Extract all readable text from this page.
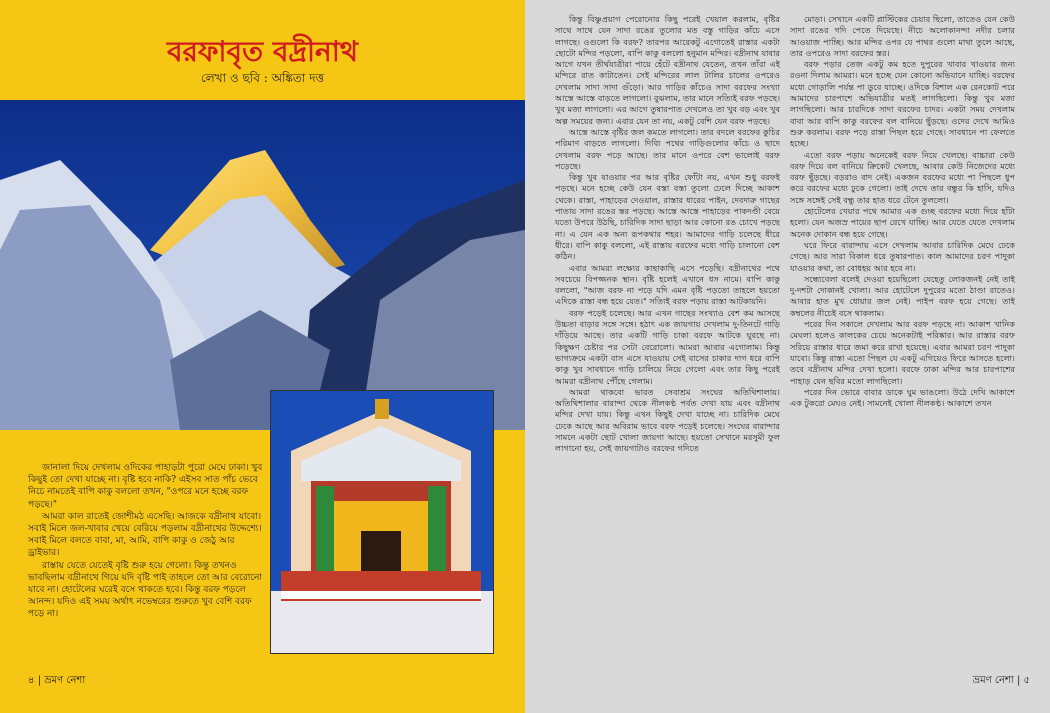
বরফাবৃত বদ্রীনাথ
লেখা ও ছবি : অঙ্কিতা দত্ত

জানালা দিয়ে দেখলাম ওদিকের পাহাড়টা পুরো মেঘে ঢাকা। খুব কিছুই তো দেখা যাচ্ছে না। বৃষ্টি হবে নাকি? এইসব সাত পাঁচ ভেবে নিচে নামতেই বাপি কাকু বললো তখন, "ওপরে মনে হচ্ছে বরফ পড়ছে।"

আমরা কাল রাতেই জোশীমঠ এসেছি। আজকে বদ্রীনাথ যাবো। সবাই মিলে জল-খাবার খেয়ে বেরিয়ে পড়লাম বদ্রীনাথের উদ্দেশ্যে। সবাই মিলে বলতে বাবা, মা, আমি, বাপি কাকু ও জেঠু আর ড্রাইভার।

রাস্তায় যেতে যেতেই বৃষ্টি শুরু হয়ে গেলো। কিন্তু তখনও ভাবছিলাম বদ্রীনাথে গিয়ে যদি বৃষ্টি পাই তাহলে তো আর বেরোনো যাবে না। হোটেলের ঘরেই বসে থাকতে হবে। কিন্তু বরফ পড়লে আনন্দ। যদিও এই সময় অর্থাৎ নভেম্বরের শুরুতে খুব বেশি বরফ পড়ে না।

৪ | ভ্রমণ নেশা

কিন্তু বিষ্ণুপ্রয়াগ পেরোনোর কিছু পরেই খেয়াল করলাম, বৃষ্টির সাথে সাথে যেন সাদা রঙের তুলোর মত বস্তু গাড়ির কাঁচে এসে লাগছে। ওগুলো কি বরফ? তারপর আরেকটু এগোতেই রাস্তার একটা ছোটো মন্দির পড়লো, বাপি কাকু বললো হনুমান মন্দির। বদ্রীনাথ যাবার আগে যখন তীর্থযাত্রীরা পায়ে হেঁটে বদ্রীনাথ যেতেন, তখন তাঁরা এই মন্দিরে রাত কাটাতেন। সেই মন্দিরের লাল টালির চালের ওপরেও দেখলাম সাদা সাদা গুঁড়ো। আর গাড়ির কাঁচেও সাদা বরফের সংখ্যা আস্তে আস্তে বাড়তে লাগলো। বুঝলাম, তার মানে সত্যিই বরফ পড়ছে। খুব মজা লাগলো। এর আগে তুষারপাত দেখলেও তা খুব বড় এবং খুব অল্প সময়ের জন্য। এবার যেন তা নয়, একটু বেশি যেন বরফ পড়ছে।

আস্তে আস্তে বৃষ্টির জল কমতে লাগলো। তার বদলে বরফের কুচির পরিমাণ বাড়তে লাগলো। দিব্যি পথের গাড়িগুলোর কাঁচে ও ছাদে দেখলাম বরফ পড়ে আছে। তার মানে ওপরে বেশ ভালোই বরফ পড়েছে।

কিন্তু খুব যাওয়ার পর আর বৃষ্টির ফোঁটা নয়, এখন শুধু বরফই পড়ছে। মনে হচ্ছে কেউ যেন বস্তা বস্তা তুলো ঢেলে দিচ্ছে আকাশ থেকে। রাস্তা, পাহাড়ের দেওয়াল, রাস্তার ধারের পাইন, দেবদারু গাছের পাতায় সাদা রঙের স্তর পড়ছে। আস্তে আস্তে পাহাড়ের পাকদণ্ডী বেয়ে যতো উপরে উঠছি, চারিদিক সাদা ছাড়া আর কোনো রঙ চোখে পড়ছে না। এ যেন এক অন্য রূপকথার শহর। আমাদের গাড়ি চলেছে ধীরে ধীরে। বাপি কাকু বললো, এই রাস্তায় বরফের মধ্যে গাড়ি চালানো বেশ কঠিন।

এবার আমরা লক্ষ্যের কাছাকাছি এসে পড়েছি। বদ্রীনাথের পথে সবচেয়ে বিপজ্জনক স্থান। বৃষ্টি হলেই এখানে ধস নামে। বাপি কাকু বললো, "আজ বরফ না পড়ে যদি এমন বৃষ্টি পড়তো তাহলে হয়তো এদিকে রাস্তা বন্ধ হয়ে যেত।" সত্যিই বরফ পড়ায় রাস্তা আটকায়নি।

বরফ পড়েই চলেছে। আর এখন গাছের সংখ্যাও বেশ কম আসছে উচ্চতা বাড়ার সঙ্গে সঙ্গে। হঠাৎ এক জায়গায় দেখলাম দু-তিনটে গাড়ি দাঁড়িয়ে আছে। তার একটি গাড়ি চাকা বরফে আটকে ঘুরছে না। কিছুক্ষণ চেষ্টার পর সেটা বেরোলো। আমরা আবার এগোলাম। কিন্তু ভাগ্যক্রমে একটা বাস এসে যাওয়ায় সেই বাসের চাকার দাগ ধরে বাপি কাকু খুব সাবধানে গাড়ি চালিয়ে নিয়ে গেলো এবং তার কিছু পরেই আমরা বদ্রীনাথ পৌঁছে গেলাম।

আমরা থাকবো ভারত সেবাশ্রম সংঘের অতিথিশালায়। অতিথিশালার বারান্দা থেকে নীলকণ্ঠ পর্বত দেখা যায় এবং বদ্রীনাথ মন্দির দেখা যায়। কিন্তু এখন কিছুই দেখা যাচ্ছে না। চারিদিক মেঘে ঢেকে আছে আর অবিরাম ভাবে বরফ পড়েই চলেছে। সংঘের বারান্দার সামনে একটা ছোট খোলা জায়গা আছে। হয়তো সেখানে মরসুমী ফুল লাগানো হয়, সেই জায়গাটাও বরফের গদিতে

মোড়া। সেখানে একটি প্লাস্টিকের চেয়ার ছিলো, তাতেও যেন কেউ সাদা রঙের গদি পেতে দিয়েছে। নীচে অলোকানন্দা নদীর চলার আওয়াজ পাচ্ছি। আর মন্দির ওপর যে পাথর গুলো মাথা তুলে আছে, তার ওপরেও সাদা বরফের স্তর।

বরফ পড়ার তেজ একটু কম হতে দুপুরের খাবার খাওয়ার জন্য রওনা দিলাম আমরা। মনে হচ্ছে যেন কোনো অভিযানে যাচ্ছি। বরফের মধ্যে গোড়ালি পর্যন্ত পা ডুবে যাচ্ছে। ওদিকে বিশাল এক রেনকোট পরে আমাদের চারপাশে অভিযাত্রীর মতই লাগছিলো। কিন্তু খুব মজা লাগছিলো। আর চারদিকে সাদা বরফের চাদর। একটা সময় দেখলাম বাবা আর বাপি কাকু বরফের বল বানিয়ে ছুঁড়ছে। ওদের দেখে আমিও শুরু করলাম। বরফ পড়ে রাস্তা পিছল হয়ে গেছে। সাবধানে পা ফেলতে হচ্ছে।

এতো বরফ পড়ায় অনেকেই বরফ নিয়ে খেলছে। বাচ্চারা কেউ বরফ দিয়ে বল বানিয়ে ক্রিকেট খেলছে, আবার কেউ নিজেদের মধ্যে বরফ ছুঁড়ছে। বড়রাও বাদ নেই। একজন বরফের মধ্যে পা পিছলে ধুপ করে বরফের মধ্যে ঢুকে গেলো। তাই দেখে তার বন্ধুর কি হাসি, যদিও সঙ্গে সঙ্গেই সেই বন্ধু তার হাত ধরে টেনে তুললো।

হোটেলের খেয়ার পথে আমার এক গুচ্ছ বরফের মধ্যে দিয়ে হাঁটা হলো। যেন অজস্র পায়ের ছাপ রেখে যাচ্ছি। আর যেতে যেতে দেখলাম অনেক দোকান বন্ধ হয়ে গেছে।

ঘরে ফিরে বারান্দায় এসে দেখলাম আবার চারিদিক মেঘে ঢেকে গেছে। আর সারা বিকাল ধরে তুষারপাত। কাল আমাদের চরণ পাদুকা যাওয়ার কথা, তা বোধহয় আর হবে না।

সন্ধ্যেবেলা বলেই দেওয়া হয়েছিলো যেহেতু লোকজনই নেই তাই দু-দশটা দোকানই খোলা। আর হোটেলে দুপুরের মতো ঠাণ্ডা রাতেও। আবার হাত মুখ ধোয়ার জল নেই। পাইপ বরফ হয়ে গেছে। তাই কম্বলের নীচেই বসে থাকলাম।

পরের দিন সকালে দেখলাম আর বরফ পড়ছে না। আকাশ খানিক মেঘলা হলেও কালকের চেয়ে অনেকটাই পরিষ্কার। আর রাস্তার বরফ সরিয়ে রাস্তার ধারে জমা করে রাখা হয়েছে। এবার আমরা চরণ পাদুকা যাবো। কিন্তু রাস্তা এতো পিছল যে একটু এগিয়েও ফিরে আসতে হলো। তবে বদ্রীনাথ মন্দির দেখা হলো। বরফে ঢাকা মন্দির আর চারপাশের পাহাড় যেন ছবির মতো লাগছিলো।

পরের দিন ভোরে বাবার ডাকে ঘুম ভাঙলো। উঠে দেখি আকাশে এক টুকরো মেঘও নেই। সামনেই খোলা নীলকণ্ঠ। আকাশে তখন

ভ্রমণ নেশা | ৫
